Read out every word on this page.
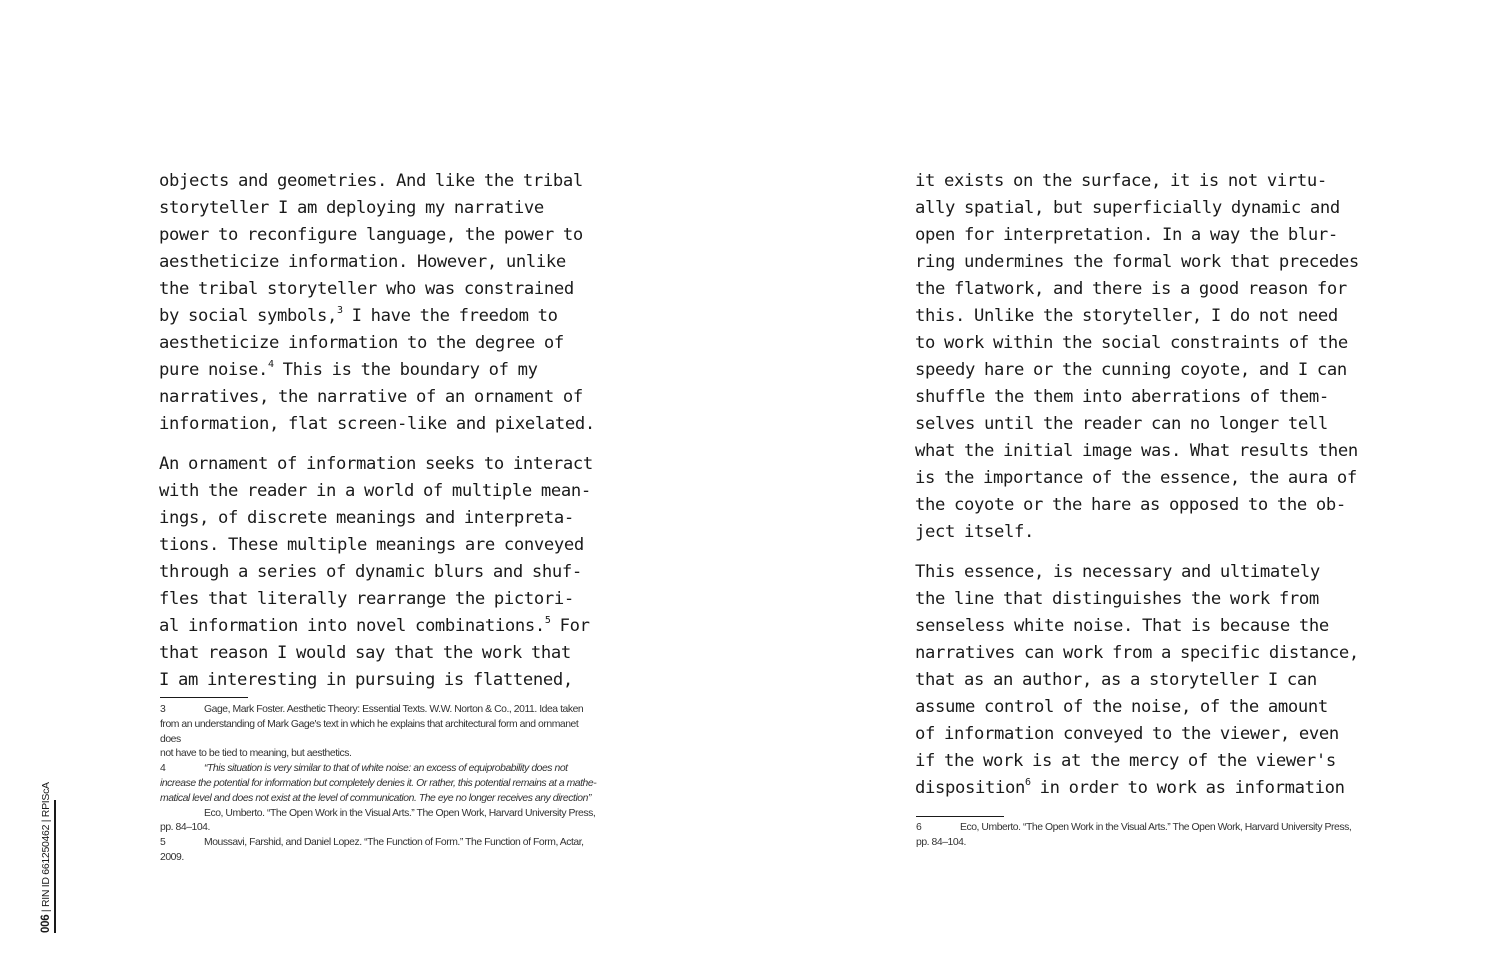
objects and geometries. And like the tribal
storyteller I am deploying my narrative
power to reconfigure language, the power to
aestheticize information. However, unlike
the tribal storyteller who was constrained
by social symbols,$^3$ I have the freedom to
aestheticize information to the degree of
pure noise.$^4$ This is the boundary of my
narratives, the narrative of an ornament of
information, flat screen-like and pixelated.

An ornament of information seeks to interact
with the reader in a world of multiple mean-
ings, of discrete meanings and interpreta-
tions. These multiple meanings are conveyed
through a series of dynamic blurs and shuf-
fles that literally rearrange the pictori-
al information into novel combinations.$^5$ For
that reason I would say that the work that
I am interesting in pursuing is flattened,

3	Gage, Mark Foster. Aesthetic Theory: Essential Texts. W.W. Norton & Co., 2011. Idea taken
from an understanding of Mark Gage's text in which he explains that architectural form and ornmanet does
not have to be tied to meaning, but aesthetics.

4	“This situation is very similar to that of white noise: an excess of equiprobability does not
increase the potential for information but completely denies it. Or rather, this potential remains at a mathe-
matical level and does not exist at the level of communication. The eye no longer receives any direction”
Eco, Umberto. “The Open Work in the Visual Arts.” The Open Work, Harvard University Press,
pp. 84–104.

5	Moussavi, Farshid, and Daniel Lopez. “The Function of Form.” The Function of Form, Actar,
2009.

it exists on the surface, it is not virtu-
ally spatial, but superficially dynamic and
open for interpretation. In a way the blur-
ring undermines the formal work that precedes
the flatwork, and there is a good reason for
this. Unlike the storyteller, I do not need
to work within the social constraints of the
speedy hare or the cunning coyote, and I can
shuffle the them into aberrations of them-
selves until the reader can no longer tell
what the initial image was. What results then
is the importance of the essence, the aura of
the coyote or the hare as opposed to the ob-
ject itself.

This essence, is necessary and ultimately
the line that distinguishes the work from
senseless white noise. That is because the
narratives can work from a specific distance,
that as an author, as a storyteller I can
assume control of the noise, of the amount
of information conveyed to the viewer, even
if the work is at the mercy of the viewer's
disposition$^6$ in order to work as information

6	Eco, Umberto. “The Open Work in the Visual Arts.” The Open Work, Harvard University Press,
pp. 84–104.

006 | RIN ID 661250462 | RPIScA
